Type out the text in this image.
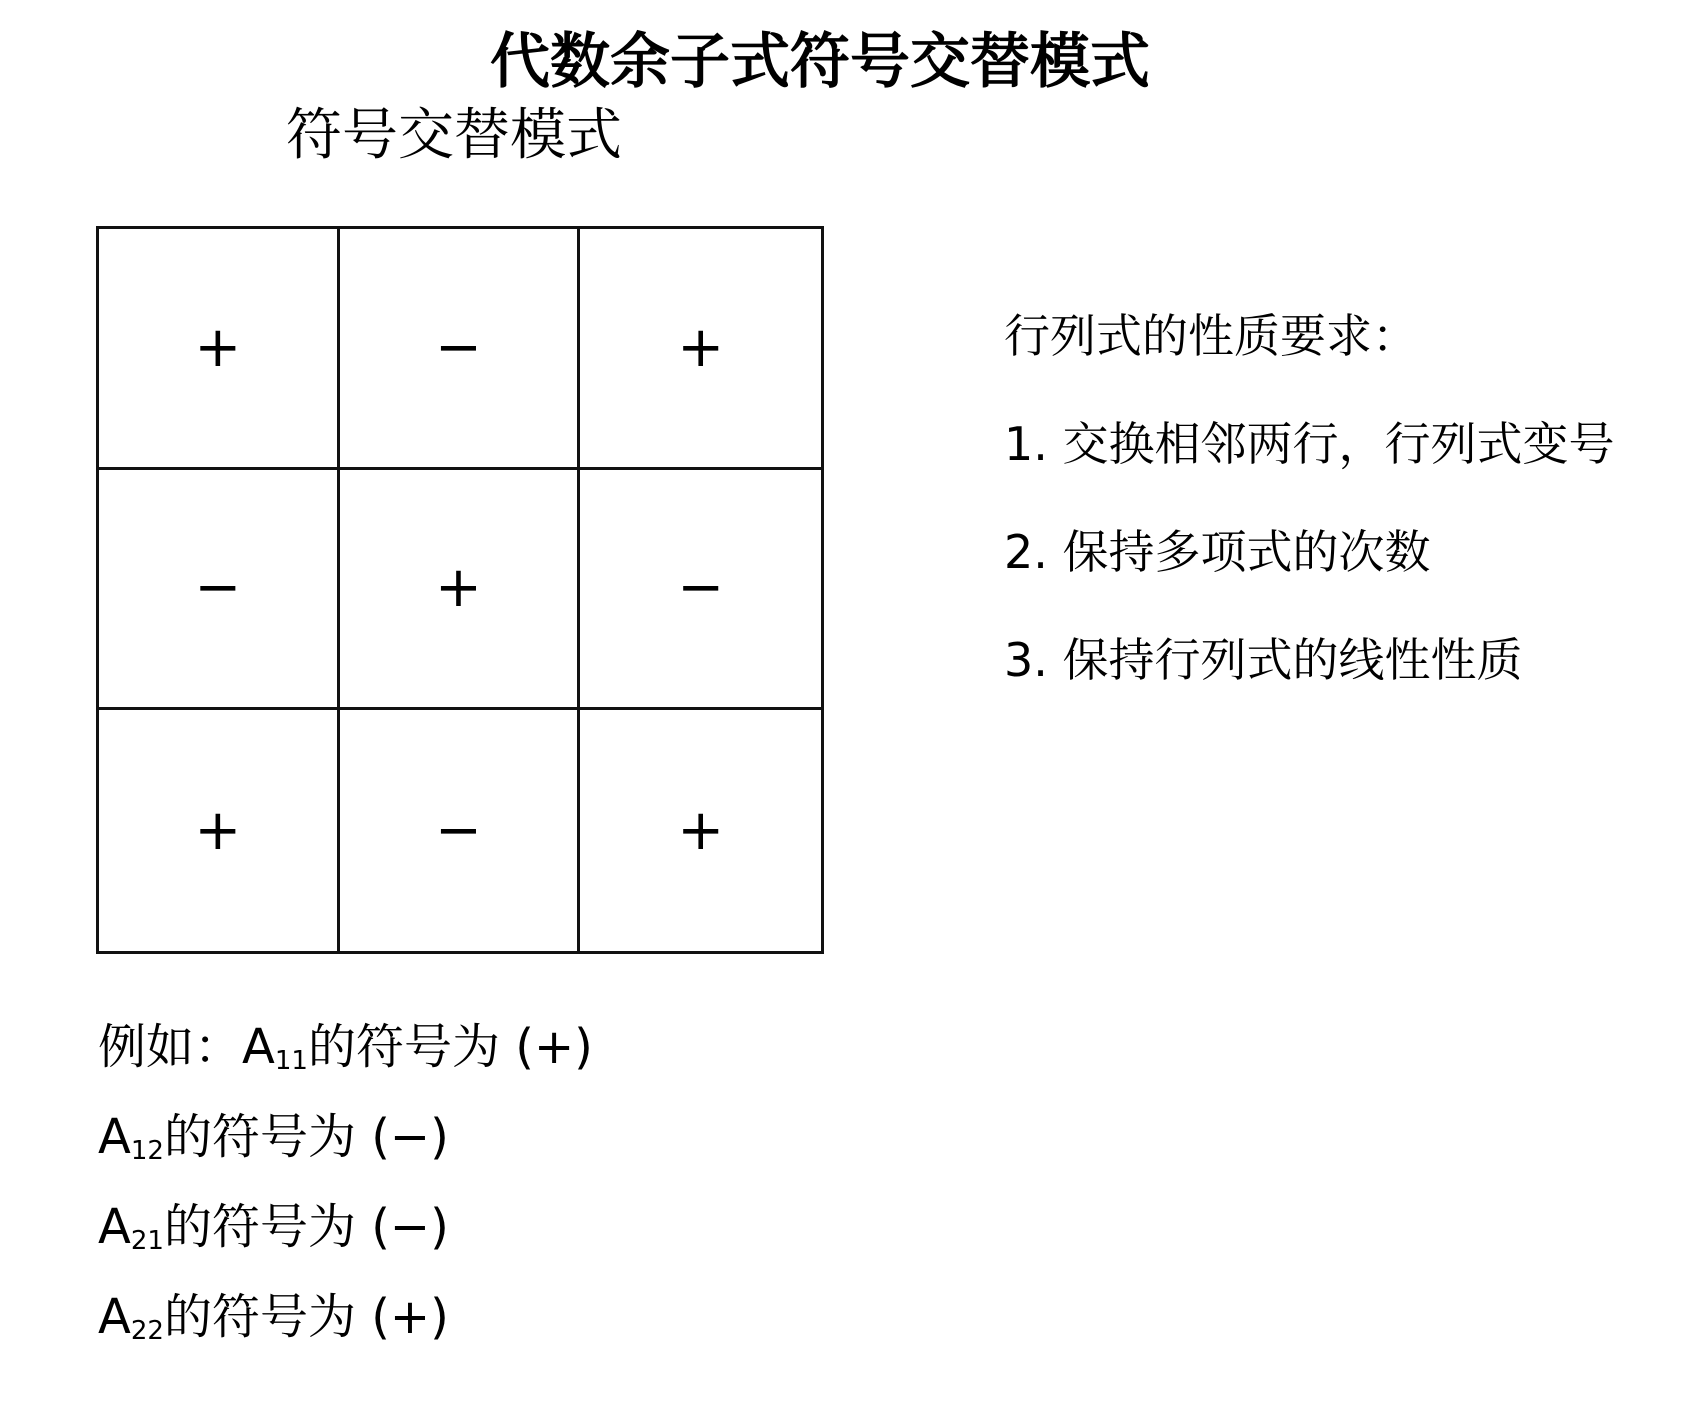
代数余子式符号交替模式
符号交替模式
+	−	+
−	+	−
+	−	+
行列式的性质要求：
1. 交换相邻两行，行列式变号
2. 保持多项式的次数
3. 保持行列式的线性性质
例如：$A_{11}$的符号为 (+)
$A_{12}$的符号为 (−)
$A_{21}$的符号为 (−)
$A_{22}$的符号为 (+)
